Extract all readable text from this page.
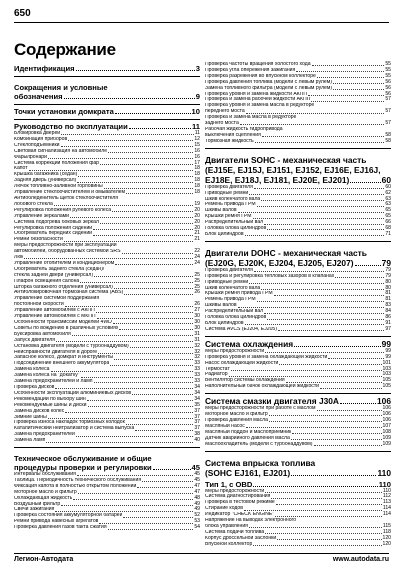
650
Содержание
Идентификация	3
Сокращения и условные
обозначения	9
Точки установки домкрата	10
Руководство по эксплуатации	11
Блокировка дверей	11
Комбинация приборов	12
Стеклоподъемники	15
Световая сигнализация на автомобиле	16
Фары/фонари	16
Система коррекции положения фар	17
Капот	18
Крышка багажника (седан)	18
Задняя дверь (универсал)	18
Лючок топливно-заливной горловины	18
Управление стеклоочистителем и омывателем	18
Антиобледенитель щеток стеклоочистителя
лобового стекла	19
Регулировка положения рулевого колеса	20
Управление зеркалами	20
Система подогрева боковых зеркал	20
Регулировка положения сидений	20
Обогреватель передних сидений	21
Ремни безопасности	21
Меры предосторожности при эксплуатации
автомобилей, оборудованных системой SRS	22
Люк	24
Управление отопителем и кондиционером	24
Обогреватель заднего стекла (седан)/
стекла задней двери (универсал)	25
Плафон освещения салона	25
Шторка багажного отделения (универсал)	25
Антиблокировочная тормозная система (ABS)	26
Управление системой поддержания
постоянной скорости	26
Управление автомобилем с АКПП	27
Управление автомобилем с МКПП	30
Особенности трансмиссии моделей 4WD	30
Советы по вождению в различных условиях	30
Буксировка автомобиля	31
Запуск двигателя	31
Остановка двигателя (модели с турбонаддувом)	32
Неисправности двигателя в дороге	32
Запасное колесо, домкрат и инструменты	32
Подсоединение внешнего аккумулятора	33
Замена колеса	33
Замена колеса на "докатку"	33
Замена предохранителей и ламп	33
Проверка дисков	34
Особенности эксплуатации алюминиевых дисков	34
Рекомендации по выбору шин	34
Рекомендуемые шины и диски	35
Замена дисков колес	37
Зимние шины	37
Проверка износа накладок тормозных колодок	37
Каталитический нейтрализатор и система выпуска	37
Замена предохранителей	38
Замена ламп	40
Техническое обслуживание и общие
процедуры проверки и регулировки	45
Интервалы обслуживания	45
Таблица. Периодичность технического обслуживания	45
Фиксация капота в полностью открытом положении	47
Моторное масло и фильтр	47
Охлаждающая жидкость	48
Воздушный фильтр	49
Свечи зажигания	49
Проверка состояния аккумуляторной батареи	52
Ремни привода навесных агрегатов	53
Проверка давления газов такта сжатия	54
Проверка частоты вращения холостого хода	55
Проверка угла опережения зажигания	55
Проверка разрежения во впускном коллекторе	55
Проверка давления топлива (модели с левым рулем)	56
Замена топливного фильтра (модели с левым рулем)	56
Проверка уровня и замена жидкости АКПП	56
Проверка и замена рабочей жидкости АКПП	57
Проверка уровня и замена масла в редукторе
переднего моста	57
Проверка и замена масла в редукторе
заднего моста	57
Рабочая жидкость гидропривода
выключения сцепления	58
Тормозная жидкость	58
Двигатели SOHC - механическая часть
(EJ15E, EJ15J, EJ151, EJ152, EJ16E, EJ16J,
EJ18E, EJ18J, EJ181, EJ20E, EJ201)	60
Проверка двигателя	60
Приводные ремни	62
Шкив коленчатого вала	63
Ремень привода ГРМ	63
Шкивы валов	65
Крышки ремня ГРМ	65
Распределительный вал	66
Головка блока цилиндров	68
Блок цилиндров	71
Двигатели DOHC - механическая часть
(EJ20G, EJ20K, EJ204, EJ205, EJ207)	79
Проверка двигателя	79
Проверка и регулировка тепловых зазоров в клапанах	79
Приводные ремни	80
Шкив коленчатого вала	80
Крышки ремня привода ГРМ	81
Ремень привода ГРМ	81
Шкивы валов	83
Распределительный вал	84
Головка блока цилиндров	86
Блок цилиндров	91
Система AVCS (EJ204, EJ205)	97
Система охлаждения	99
Меры предосторожности	99
Проверка уровня и замена охлаждающей жидкости	99
Насос охлаждающей жидкости	101
Термостат	103
Радиатор	103
Вентилятор системы охлаждения	105
Наполнительный бачок охлаждающей жидкости	105
Система смазки двигателя J30A	106
Меры предосторожности при работе с маслом	106
Моторное масло и фильтр	106
Проверка давления масла	106
Масляный насос	107
Масляный поддон и маслоприемник	108
Датчик аварийного давления масла	109
Маслоохладитель (модели с турбонаддувом)	109
Система впрыска топлива
(SOHC EJ161, EJ201)	110
Тип 1, с OBD	110
Меры предосторожности	110
Система диагностирования	112
Проверка в тестовом режиме	113
Стирание кодов	114
Индикатор "CHECK ENGINE"	114
Напряжение на выводах электронного
блока управления	115
Система подачи топлива	118
Корпус дроссельной заслонки	120
Впускной коллектор	120
Легион-Автодата	www.autodata.ru
